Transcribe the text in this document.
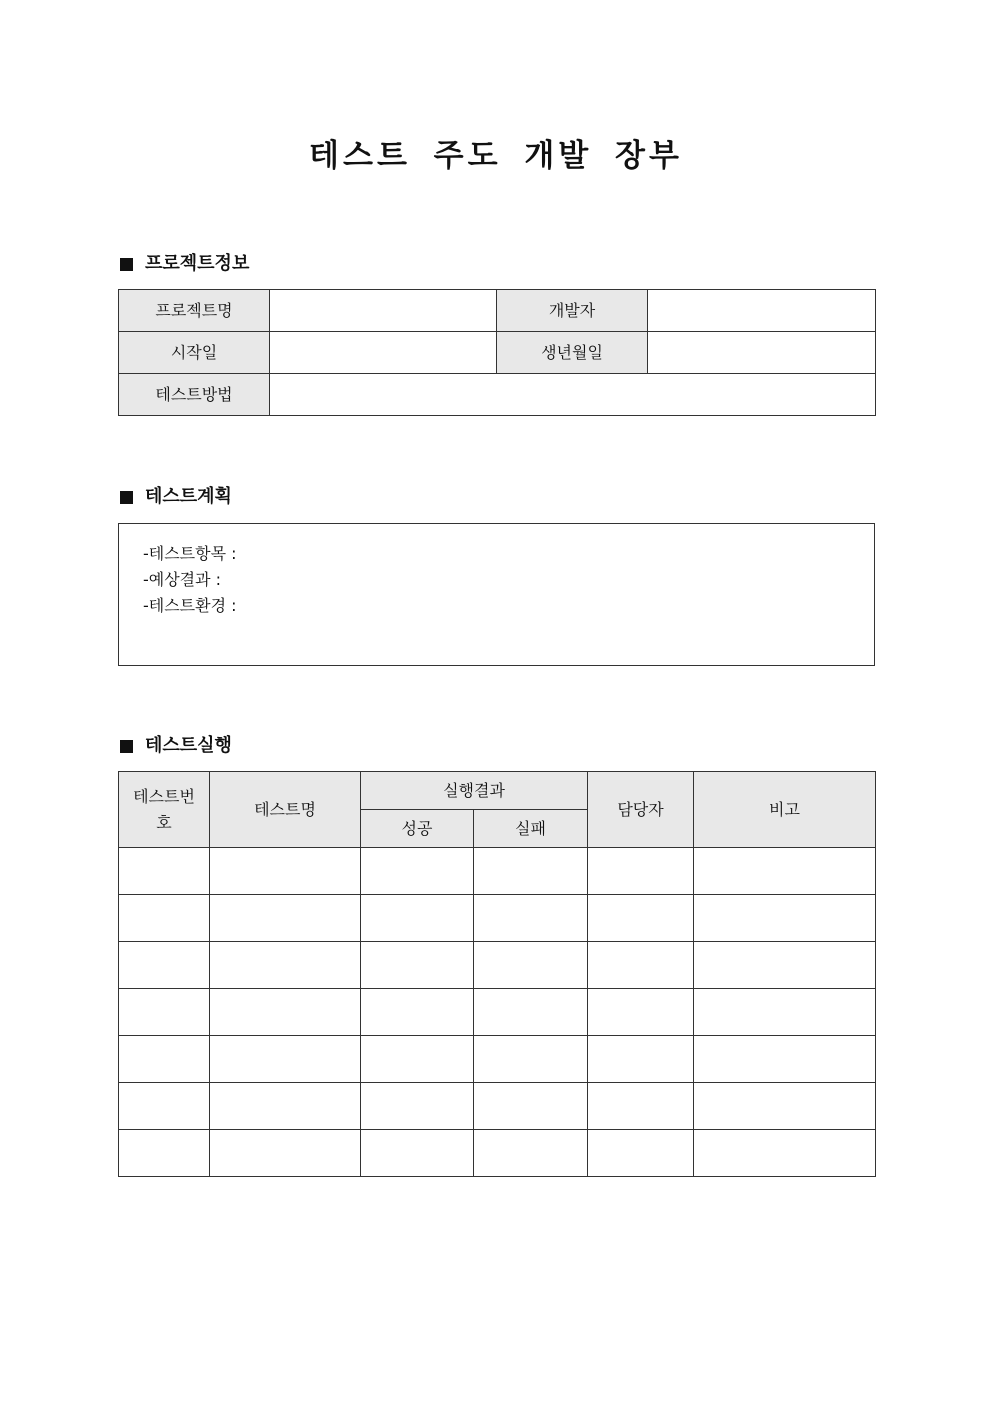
테스트 주도 개발 장부
프로젝트정보
프로젝트명		개발자	
시작일		생년월일	
테스트방법			
테스트계획
-테스트항목 :
-예상결과 :
-테스트환경 :
테스트실행
테스트번호	테스트명	실행결과		담당자	비고
		성공	실패		
